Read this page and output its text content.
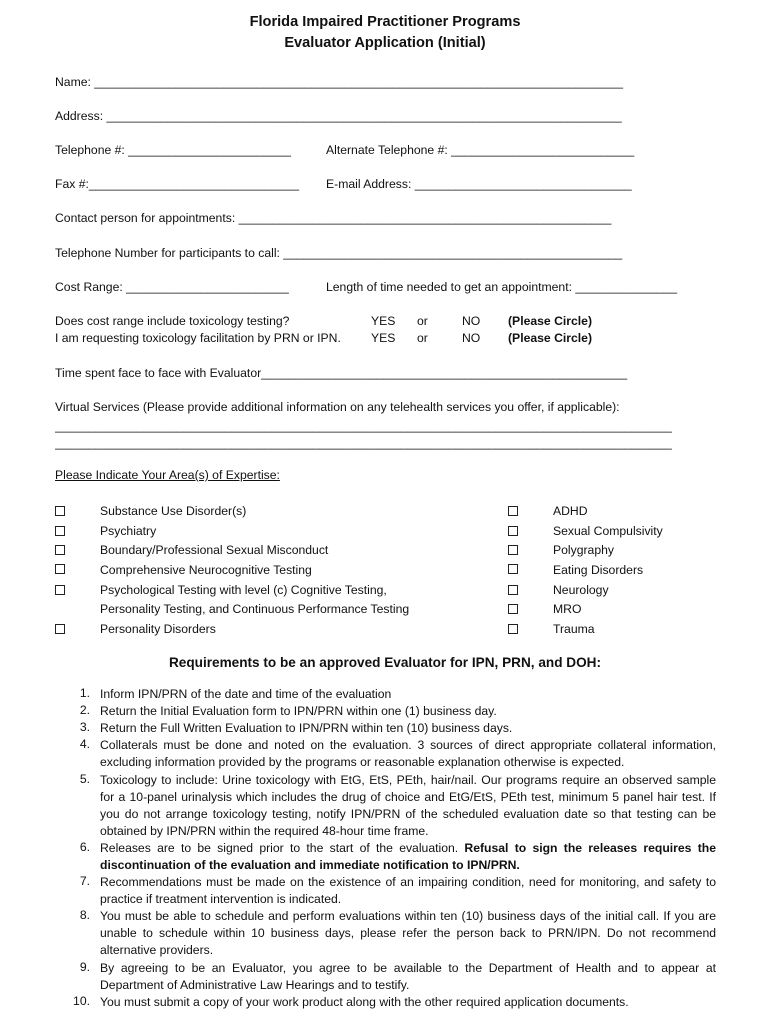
Florida Impaired Practitioner Programs
Evaluator Application (Initial)
Name: ______________________________________________________________________________
Address: ____________________________________________________________________________
Telephone #: ________________________	Alternate Telephone #: ___________________________
Fax #:_______________________________ E-mail Address: ________________________________
Contact person for appointments: _______________________________________________________
Telephone Number for participants to call: __________________________________________________
Cost Range: ________________________	Length of time needed to get an appointment: _______________
Does cost range include toxicology testing?	YES or	NO (Please Circle)
I am requesting toxicology facilitation by PRN or IPN. YES or	NO (Please Circle)
Time spent face to face with Evaluator______________________________________________________
Virtual Services (Please provide additional information on any telehealth services you offer, if applicable):
___________________________________________________________________________________________
___________________________________________________________________________________________
Please Indicate Your Area(s) of Expertise:
Substance Use Disorder(s)
Psychiatry
Boundary/Professional Sexual Misconduct
Comprehensive Neurocognitive Testing
Psychological Testing with level (c) Cognitive Testing,
Personality Testing, and Continuous Performance Testing
Personality Disorders
ADHD
Sexual Compulsivity
Polygraphy
Eating Disorders
Neurology
MRO
Trauma
Requirements to be an approved Evaluator for IPN, PRN, and DOH:
1. Inform IPN/PRN of the date and time of the evaluation
2. Return the Initial Evaluation form to IPN/PRN within one (1) business day.
3. Return the Full Written Evaluation to IPN/PRN within ten (10) business days.
4. Collaterals must be done and noted on the evaluation. 3 sources of direct appropriate collateral information, excluding information provided by the programs or reasonable explanation otherwise is expected.
5. Toxicology to include: Urine toxicology with EtG, EtS, PEth, hair/nail. Our programs require an observed sample for a 10-panel urinalysis which includes the drug of choice and EtG/EtS, PEth test, minimum 5 panel hair test. If you do not arrange toxicology testing, notify IPN/PRN of the scheduled evaluation date so that testing can be obtained by IPN/PRN within the required 48-hour time frame.
6. Releases are to be signed prior to the start of the evaluation. Refusal to sign the releases requires the discontinuation of the evaluation and immediate notification to IPN/PRN.
7. Recommendations must be made on the existence of an impairing condition, need for monitoring, and safety to practice if treatment intervention is indicated.
8. You must be able to schedule and perform evaluations within ten (10) business days of the initial call. If you are unable to schedule within 10 business days, please refer the person back to PRN/IPN. Do not recommend alternative providers.
9. By agreeing to be an Evaluator, you agree to be available to the Department of Health and to appear at Department of Administrative Law Hearings and to testify.
10. You must submit a copy of your work product along with the other required application documents.
